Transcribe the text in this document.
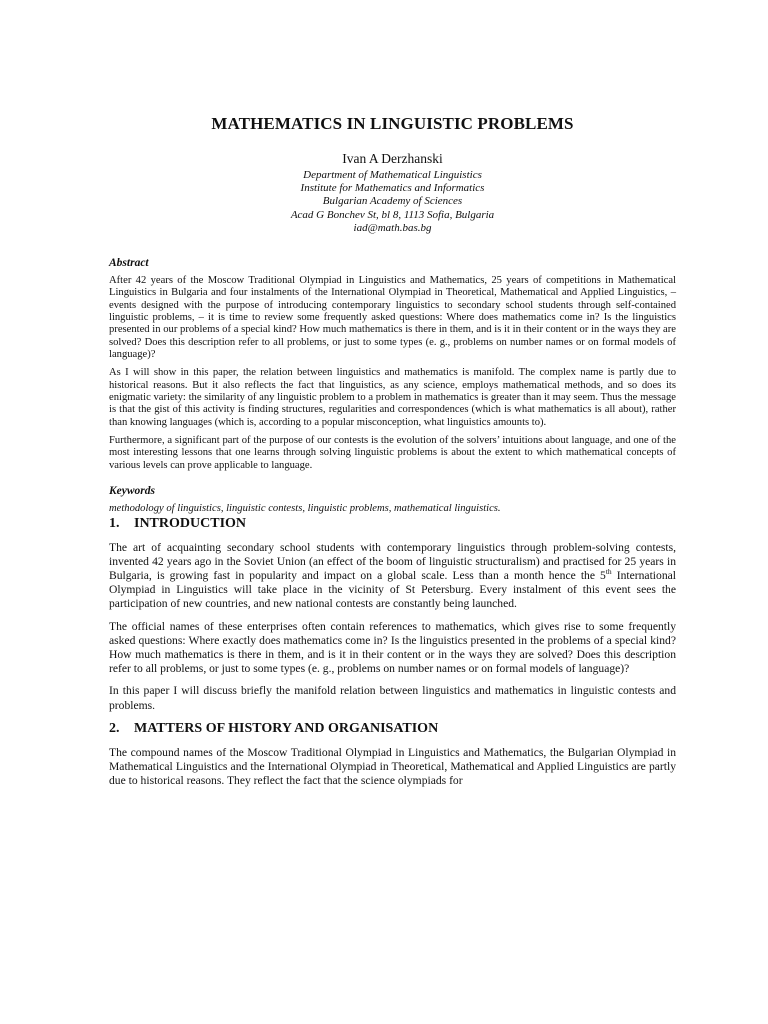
MATHEMATICS IN LINGUISTIC PROBLEMS
Ivan A Derzhanski
Department of Mathematical Linguistics
Institute for Mathematics and Informatics
Bulgarian Academy of Sciences
Acad G Bonchev St, bl 8, 1113 Sofia, Bulgaria
iad@math.bas.bg
Abstract

After 42 years of the Moscow Traditional Olympiad in Linguistics and Mathematics, 25 years of competitions in Mathematical Linguistics in Bulgaria and four instalments of the International Olympiad in Theoretical, Mathematical and Applied Linguistics, – events designed with the purpose of introducing contemporary linguistics to secondary school students through self-contained linguistic problems, – it is time to review some frequently asked questions: Where does mathematics come in? Is the linguistics presented in our problems of a special kind? How much mathematics is there in them, and is it in their content or in the ways they are solved? Does this description refer to all problems, or just to some types (e. g., problems on number names or on formal models of language)?

As I will show in this paper, the relation between linguistics and mathematics is manifold. The complex name is partly due to historical reasons. But it also reflects the fact that linguistics, as any science, employs mathematical methods, and so does its enigmatic variety: the similarity of any linguistic problem to a problem in mathematics is greater than it may seem. Thus the message is that the gist of this activity is finding structures, regularities and correspondences (which is what mathematics is all about), rather than knowing languages (which is, according to a popular misconception, what linguistics amounts to).

Furthermore, a significant part of the purpose of our contests is the evolution of the solvers’ intuitions about language, and one of the most interesting lessons that one learns through solving linguistic problems is about the extent to which mathematical concepts of various levels can prove applicable to language.

Keywords

methodology of linguistics, linguistic contests, linguistic problems, mathematical linguistics.

1.	INTRODUCTION

The art of acquainting secondary school students with contemporary linguistics through problem-solving contests, invented 42 years ago in the Soviet Union (an effect of the boom of linguistic structuralism) and practised for 25 years in Bulgaria, is growing fast in popularity and impact on a global scale. Less than a month hence the 5th International Olympiad in Linguistics will take place in the vicinity of St Petersburg. Every instalment of this event sees the participation of new countries, and new national contests are constantly being launched.

The official names of these enterprises often contain references to mathematics, which gives rise to some frequently asked questions: Where exactly does mathematics come in? Is the linguistics presented in the problems of a special kind? How much mathematics is there in them, and is it in their content or in the ways they are solved? Does this description refer to all problems, or just to some types (e. g., problems on number names or on formal models of language)?

In this paper I will discuss briefly the manifold relation between linguistics and mathematics in linguistic contests and problems.

2.	MATTERS OF HISTORY AND ORGANISATION

The compound names of the Moscow Traditional Olympiad in Linguistics and Mathematics, the Bulgarian Olympiad in Mathematical Linguistics and the International Olympiad in Theoretical, Mathematical and Applied Linguistics are partly due to historical reasons. They reflect the fact that the science olympiads for
